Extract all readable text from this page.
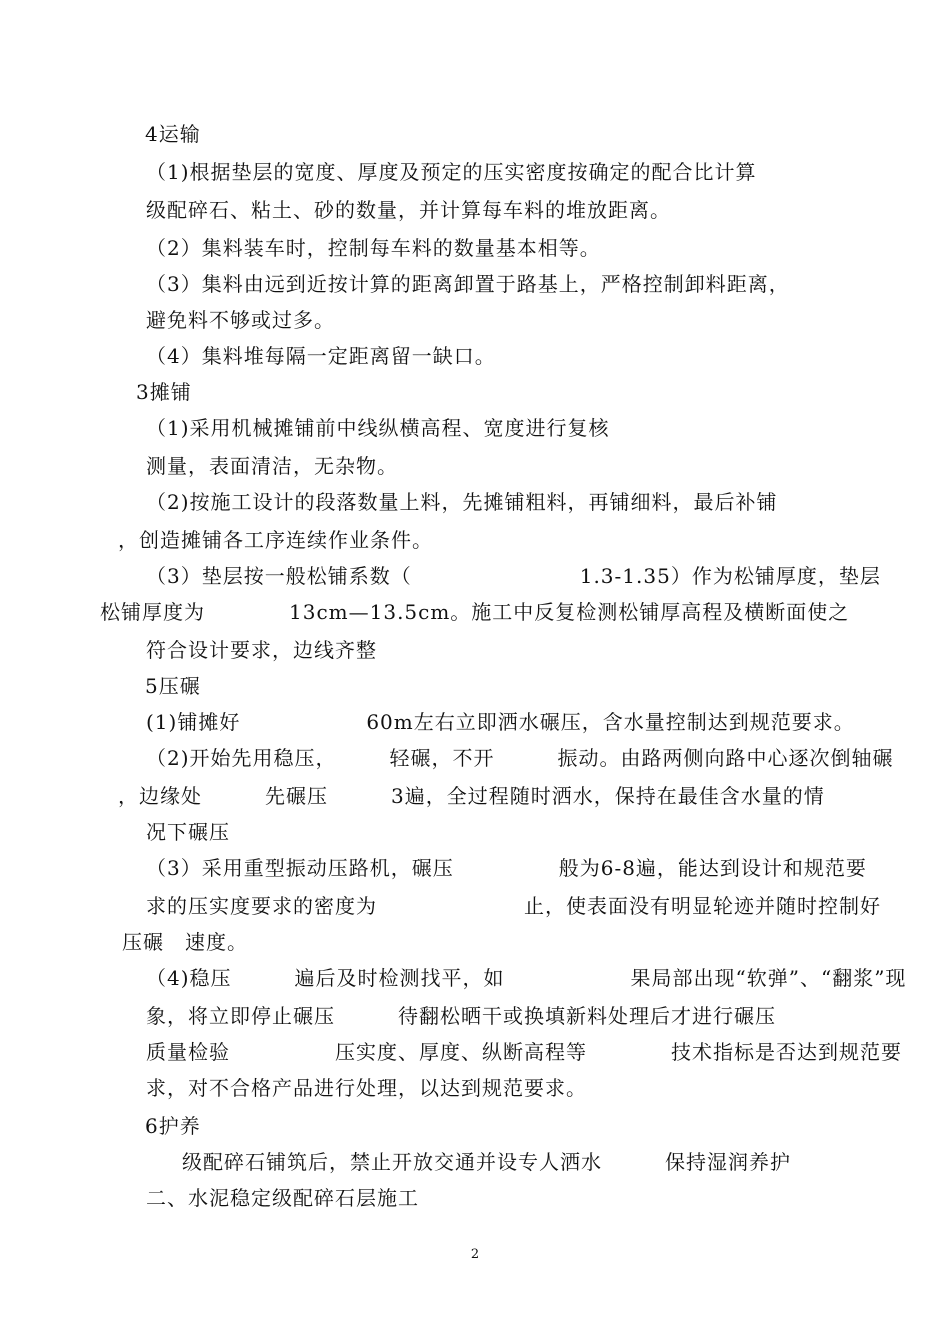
4运输
（1)根据垫层的宽度、厚度及预定的压实密度按确定的配合比计算
级配碎石、粘土、砂的数量，并计算每车料的堆放距离。
（2）集料装车时，控制每车料的数量基本相等。
（3）集料由远到近按计算的距离卸置于路基上，严格控制卸料距离，
避免料不够或过多。
（4）集料堆每隔一定距离留一缺口。
3摊铺
（1)采用机械摊铺前中线纵横高程、宽度进行复核
测量，表面清洁，无杂物。
（2)按施工设计的段落数量上料，先摊铺粗料，再铺细料，最后补铺
，创造摊铺各工序连续作业条件。
（3）垫层按一般松铺系数（　　　　　　　　1.3-1.35）作为松铺厚度，垫层
松铺厚度为　　　　13cm—13.5cm。施工中反复检测松铺厚高程及横断面使之
符合设计要求，边线齐整
5压碾
(1)铺摊好　　　　　　60m左右立即洒水碾压，含水量控制达到规范要求。
（2)开始先用稳压，　　　轻碾，不开　　　振动。由路两侧向路中心逐次倒轴碾
，边缘处　　　先碾压　　　3遍，全过程随时洒水，保持在最佳含水量的情
况下碾压
（3）采用重型振动压路机，碾压　　　　　般为6-8遍，能达到设计和规范要
求的压实度要求的密度为　　　　　　　止，使表面没有明显轮迹并随时控制好
压碾　速度。
（4)稳压　　　遍后及时检测找平，如　　　　　　果局部出现“软弹”、“翻浆”现
象，将立即停止碾压　　　待翻松晒干或换填新料处理后才进行碾压
质量检验　　　　　压实度、厚度、纵断高程等　　　　技术指标是否达到规范要
求，对不合格产品进行处理，以达到规范要求。
6护养
级配碎石铺筑后，禁止开放交通并设专人洒水　　　保持湿润养护
二、水泥稳定级配碎石层施工
2
